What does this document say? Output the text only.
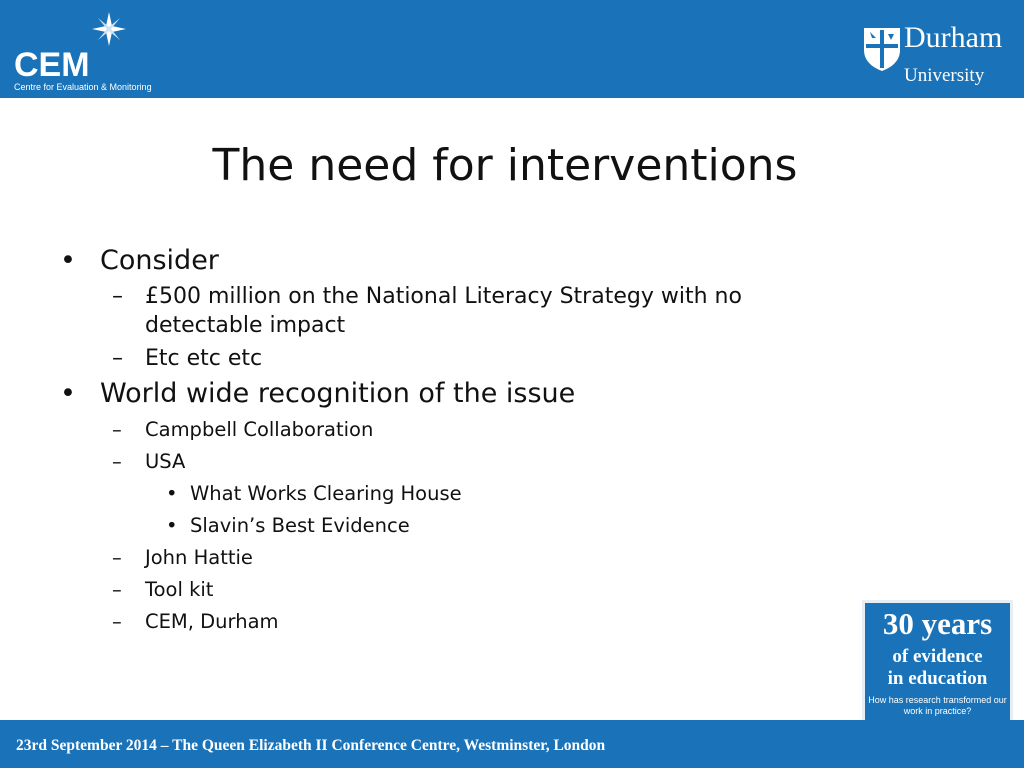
CEM
Centre for Evaluation & Monitoring
Durham
University
The need for interventions
• Consider
– £500 million on the National Literacy Strategy with no detectable impact
– Etc etc etc
• World wide recognition of the issue
– Campbell Collaboration
– USA
• What Works Clearing House
• Slavin’s Best Evidence
– John Hattie
– Tool kit
– CEM, Durham	30 years
of evidence
in education
How has research transformed our work in practice?
23rd September 2014 – The Queen Elizabeth II Conference Centre, Westminster, London
